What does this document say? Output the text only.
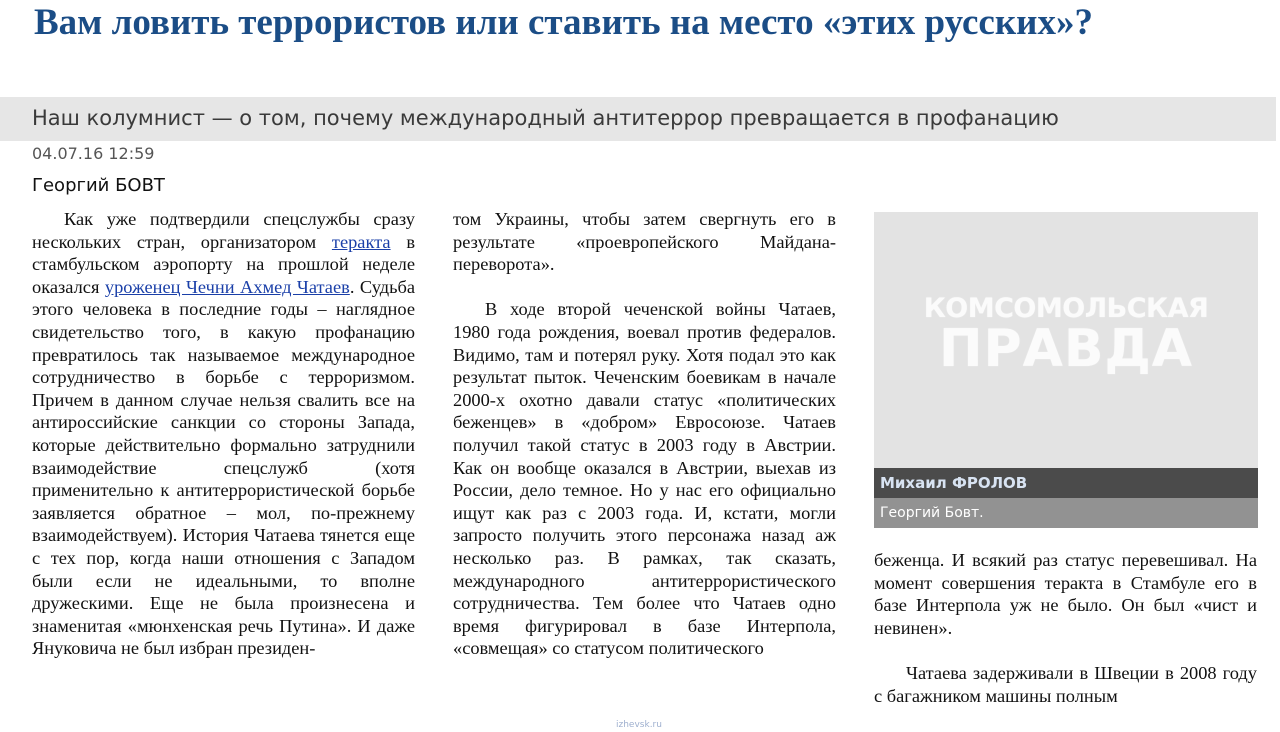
Вам ловить террористов или ставить на место «этих русских»?
Наш колумнист — о том, почему международный антитеррор превращается в профанацию
04.07.16 12:59
Георгий БОВТ

Как уже подтвердили спецслужбы сразу нескольких стран, организатором теракта в стамбульском аэропорту на прошлой неделе оказался уроженец Чечни Ахмед Чатаев. Судьба этого человека в последние годы – наглядное свидетельство того, в какую профанацию превратилось так называемое международное сотрудничество в борьбе с терроризмом. Причем в данном случае нельзя свалить все на антироссийские санкции со стороны Запада, которые действительно формально затруднили взаимодействие спецслужб (хотя применительно к антитеррористической борьбе заявляется обратное – мол, по-прежнему взаимодействуем). История Чатаева тянется еще с тех пор, когда наши отношения с Западом были если не идеальными, то вполне дружескими. Еще не была произнесена и знаменитая «мюнхенская речь Путина». И даже Януковича не был избран президен-

том Украины, чтобы затем свергнуть его в результате «проевропейского Майдана-переворота».

В ходе второй чеченской войны Чатаев, 1980 года рождения, воевал против федералов. Видимо, там и потерял руку. Хотя подал это как результат пыток. Чеченским боевикам в начале 2000-х охотно давали статус «политических беженцев» в «добром» Евросоюзе. Чатаев получил такой статус в 2003 году в Австрии. Как он вообще оказался в Австрии, выехав из России, дело темное. Но у нас его официально ищут как раз с 2003 года. И, кстати, могли запросто получить этого персонажа назад аж несколько раз. В рамках, так сказать, международного антитеррористического сотрудничества. Тем более что Чатаев одно время фигурировал в базе Интерпола, «совмещая» со статусом политического

КОМСОМОЛЬСКАЯ
ПРАВДА
Михаил ФРОЛОВ
Георгий Бовт.

беженца. И всякий раз статус перевешивал. На момент совершения теракта в Стамбуле его в базе Интерпола уж не было. Он был «чист и невинен».

Чатаева задерживали в Швеции в 2008 году с багажником машины полным

izhevsk.ru
